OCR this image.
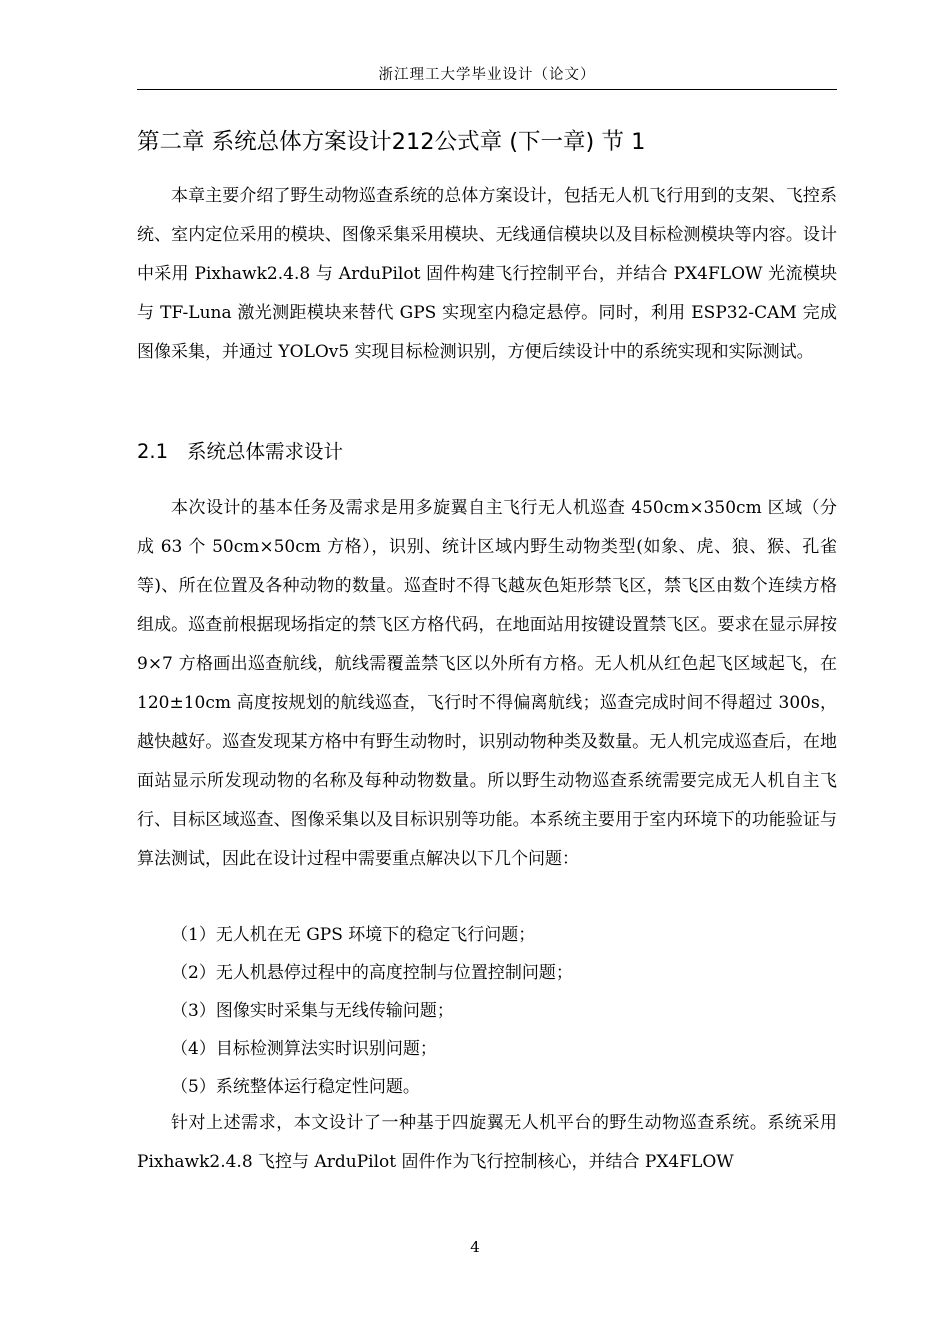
浙江理工大学毕业设计（论文）
第二章 系统总体方案设计212公式章 (下一章) 节 1

本章主要介绍了野生动物巡查系统的总体方案设计，包括无人机飞行用到的支架、飞控系统、室内定位采用的模块、图像采集采用模块、无线通信模块以及目标检测模块等内容。设计中采用 Pixhawk2.4.8 与 ArduPilot 固件构建飞行控制平台，并结合 PX4FLOW 光流模块与 TF-Luna 激光测距模块来替代 GPS 实现室内稳定悬停。同时，利用 ESP32-CAM 完成图像采集，并通过 YOLOv5 实现目标检测识别，方便后续设计中的系统实现和实际测试。

2.1 系统总体需求设计

本次设计的基本任务及需求是用多旋翼自主飞行无人机巡查 450cm×350cm 区域（分成 63 个 50cm×50cm 方格），识别、统计区域内野生动物类型(如象、虎、狼、猴、孔雀等)、所在位置及各种动物的数量。巡查时不得飞越灰色矩形禁飞区，禁飞区由数个连续方格组成。巡查前根据现场指定的禁飞区方格代码，在地面站用按键设置禁飞区。要求在显示屏按 9×7 方格画出巡查航线，航线需覆盖禁飞区以外所有方格。无人机从红色起飞区域起飞，在 120±10cm 高度按规划的航线巡查，飞行时不得偏离航线；巡查完成时间不得超过 300s，越快越好。巡查发现某方格中有野生动物时，识别动物种类及数量。无人机完成巡查后，在地面站显示所发现动物的名称及每种动物数量。所以野生动物巡查系统需要完成无人机自主飞行、目标区域巡查、图像采集以及目标识别等功能。本系统主要用于室内环境下的功能验证与算法测试，因此在设计过程中需要重点解决以下几个问题：

（1）无人机在无 GPS 环境下的稳定飞行问题；
（2）无人机悬停过程中的高度控制与位置控制问题；
（3）图像实时采集与无线传输问题；
（4）目标检测算法实时识别问题；
（5）系统整体运行稳定性问题。

针对上述需求，本文设计了一种基于四旋翼无人机平台的野生动物巡查系统。系统采用 Pixhawk2.4.8 飞控与 ArduPilot 固件作为飞行控制核心，并结合 PX4FLOW

4
